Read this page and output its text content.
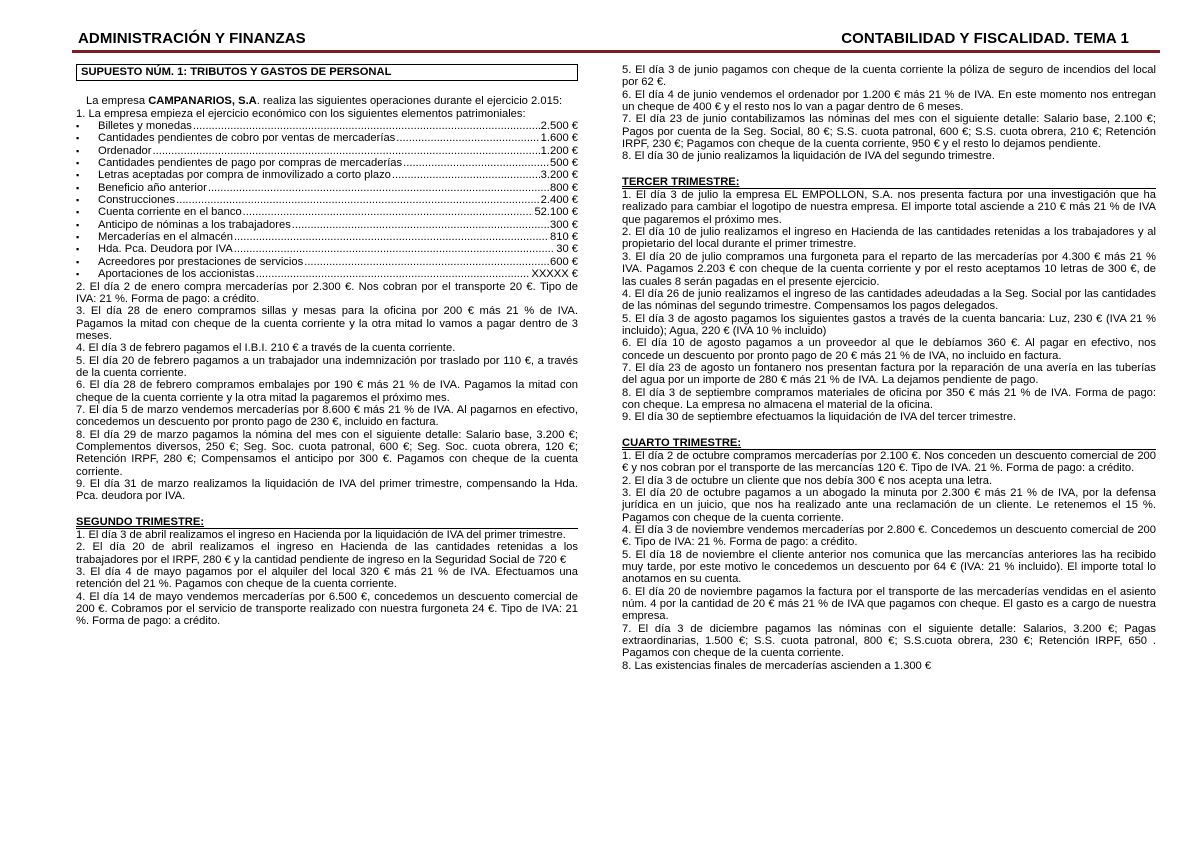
ADMINISTRACIÓN Y FINANZAS	CONTABILIDAD Y FISCALIDAD. TEMA 1
SUPUESTO NÚM. 1: TRIBUTOS Y GASTOS DE PERSONAL

La empresa CAMPANARIOS, S.A. realiza las siguientes operaciones durante el ejercicio 2.015:

1. La empresa empieza el ejercicio económico con los siguientes elementos patrimoniales:

▪	Billetes y monedas .....	2.500 €
▪	Cantidades pendientes de cobro por ventas de mercaderías .....	1.600 €
▪	Ordenador .....	1.200 €
▪	Cantidades pendientes de pago por compras de mercaderías .....	500 €
▪	Letras aceptadas por compra de inmovilizado a corto plazo .....	3.200 €
▪	Beneficio año anterior .....	800 €
▪	Construcciones .....	2.400 €
▪	Cuenta corriente en el banco .....	52.100 €
▪	Anticipo de nóminas a los trabajadores .....	300 €
▪	Mercaderías en el almacén .....	810 €
▪	Hda. Pca. Deudora por IVA .....	30 €
▪	Acreedores por prestaciones de servicios .....	600 €
▪	Aportaciones de los accionistas .....	XXXXX €
2. El día 2 de enero compra mercaderías por 2.300 €. Nos cobran por el transporte 20 €. Tipo de IVA: 21 %. Forma de pago: a crédito.
3. El día 28 de enero compramos sillas y mesas para la oficina por 200 € más 21 % de IVA. Pagamos la mitad con cheque de la cuenta corriente y la otra mitad lo vamos a pagar dentro de 3 meses.
4. El día 3 de febrero pagamos el I.B.I. 210 € a través de la cuenta corriente.
5. El día 20 de febrero pagamos a un trabajador una indemnización por traslado por 110 €, a través de la cuenta corriente.
6. El día 28 de febrero compramos embalajes por 190 € más 21 % de IVA. Pagamos la mitad con cheque de la cuenta corriente y la otra mitad la pagaremos el próximo mes.
7. El día 5 de marzo vendemos mercaderías por 8.600 € más 21 % de IVA. Al pagarnos en efectivo, concedemos un descuento por pronto pago de 230 €, incluido en factura.
8. El día 29 de marzo pagamos la nómina del mes con el siguiente detalle: Salario base, 3.200 €; Complementos diversos, 250 €; Seg. Soc. cuota patronal, 600 €; Seg. Soc. cuota obrera, 120 €; Retención IRPF, 280 €; Compensamos el anticipo por 300 €. Pagamos con cheque de la cuenta corriente.
9. El día 31 de marzo realizamos la liquidación de IVA del primer trimestre, compensando la Hda. Pca. deudora por IVA.

SEGUNDO TRIMESTRE:

1. El día 3 de abril realizamos el ingreso en Hacienda por la liquidación de IVA del primer trimestre.
2. El día 20 de abril realizamos el ingreso en Hacienda de las cantidades retenidas a los trabajadores por el IRPF, 280 € y la cantidad pendiente de ingreso en la Seguridad Social de 720 €
3. El día 4 de mayo pagamos por el alquiler del local 320 € más 21 % de IVA. Efectuamos una retención del 21 %. Pagamos con cheque de la cuenta corriente.
4. El día 14 de mayo vendemos mercaderías por 6.500 €, concedemos un descuento comercial de 200 €. Cobramos por el servicio de transporte realizado con nuestra furgoneta 24 €. Tipo de IVA: 21 %. Forma de pago: a crédito.
5. El día 3 de junio pagamos con cheque de la cuenta corriente la póliza de seguro de incendios del local por 62 €.
6. El día 4 de junio vendemos el ordenador por 1.200 € más 21 % de IVA. En este momento nos entregan un cheque de 400 € y el resto nos lo van a pagar dentro de 6 meses.
7. El día 23 de junio contabilizamos las nóminas del mes con el siguiente detalle: Salario base, 2.100 €; Pagos por cuenta de la Seg. Social, 80 €; S.S. cuota patronal, 600 €; S.S. cuota obrera, 210 €; Retención IRPF, 230 €; Pagamos con cheque de la cuenta corriente, 950 € y el resto lo dejamos pendiente.
8. El día 30 de junio realizamos la liquidación de IVA del segundo trimestre.

TERCER TRIMESTRE:

1. El día 3 de julio la empresa EL EMPOLLON, S.A. nos presenta factura por una investigación que ha realizado para cambiar el logotipo de nuestra empresa. El importe total asciende a 210 € más 21 % de IVA que pagaremos el próximo mes.
2. El día 10 de julio realizamos el ingreso en Hacienda de las cantidades retenidas a los trabajadores y al propietario del local durante el primer trimestre.
3. El día 20 de julio compramos una furgoneta para el reparto de las mercaderías por 4.300 € más 21 % IVA. Pagamos 2.203 € con cheque de la cuenta corriente y por el resto aceptamos 10 letras de 300 €, de las cuales 8 serán pagadas en el presente ejercicio.
4. El día 26 de junio realizamos el ingreso de las cantidades adeudadas a la Seg. Social por las cantidades de las nóminas del segundo trimestre. Compensamos los pagos delegados.
5. El día 3 de agosto pagamos los siguientes gastos a través de la cuenta bancaria: Luz, 230 € (IVA 21 % incluido); Agua, 220 € (IVA 10 % incluido)
6. El día 10 de agosto pagamos a un proveedor al que le debíamos 360 €. Al pagar en efectivo, nos concede un descuento por pronto pago de 20 € más 21 % de IVA, no incluido en factura.
7. El día 23 de agosto un fontanero nos presentan factura por la reparación de una avería en las tuberías del agua por un importe de 280 € más 21 % de IVA. La dejamos pendiente de pago.
8. El día 3 de septiembre compramos materiales de oficina por 350 € más 21 % de IVA. Forma de pago: con cheque. La empresa no almacena el material de la oficina.
9. El día 30 de septiembre efectuamos la liquidación de IVA del tercer trimestre.

CUARTO TRIMESTRE:

1. El día 2 de octubre compramos mercaderías por 2.100 €. Nos conceden un descuento comercial de 200 € y nos cobran por el transporte de las mercancías 120 €. Tipo de IVA. 21 %. Forma de pago: a crédito.
2. El día 3 de octubre un cliente que nos debía 300 € nos acepta una letra.
3. El día 20 de octubre pagamos a un abogado la minuta por 2.300 € más 21 % de IVA, por la defensa jurídica en un juicio, que nos ha realizado ante una reclamación de un cliente. Le retenemos el 15 %. Pagamos con cheque de la cuenta corriente.
4. El día 3 de noviembre vendemos mercaderías por 2.800 €. Concedemos un descuento comercial de 200 €. Tipo de IVA: 21 %. Forma de pago: a crédito.
5. El día 18 de noviembre el cliente anterior nos comunica que las mercancías anteriores las ha recibido muy tarde, por este motivo le concedemos un descuento por 64 € (IVA: 21 % incluido). El importe total lo anotamos en su cuenta.
6. El día 20 de noviembre pagamos la factura por el transporte de las mercaderías vendidas en el asiento núm. 4 por la cantidad de 20 € más 21 % de IVA que pagamos con cheque. El gasto es a cargo de nuestra empresa.
7. El día 3 de diciembre pagamos las nóminas con el siguiente detalle: Salarios, 3.200 €; Pagas extraordinarias, 1.500 €; S.S. cuota patronal, 800 €; S.S.cuota obrera, 230 €; Retención IRPF, 650 . Pagamos con cheque de la cuenta corriente.
8. Las existencias finales de mercaderías ascienden a 1.300 €
